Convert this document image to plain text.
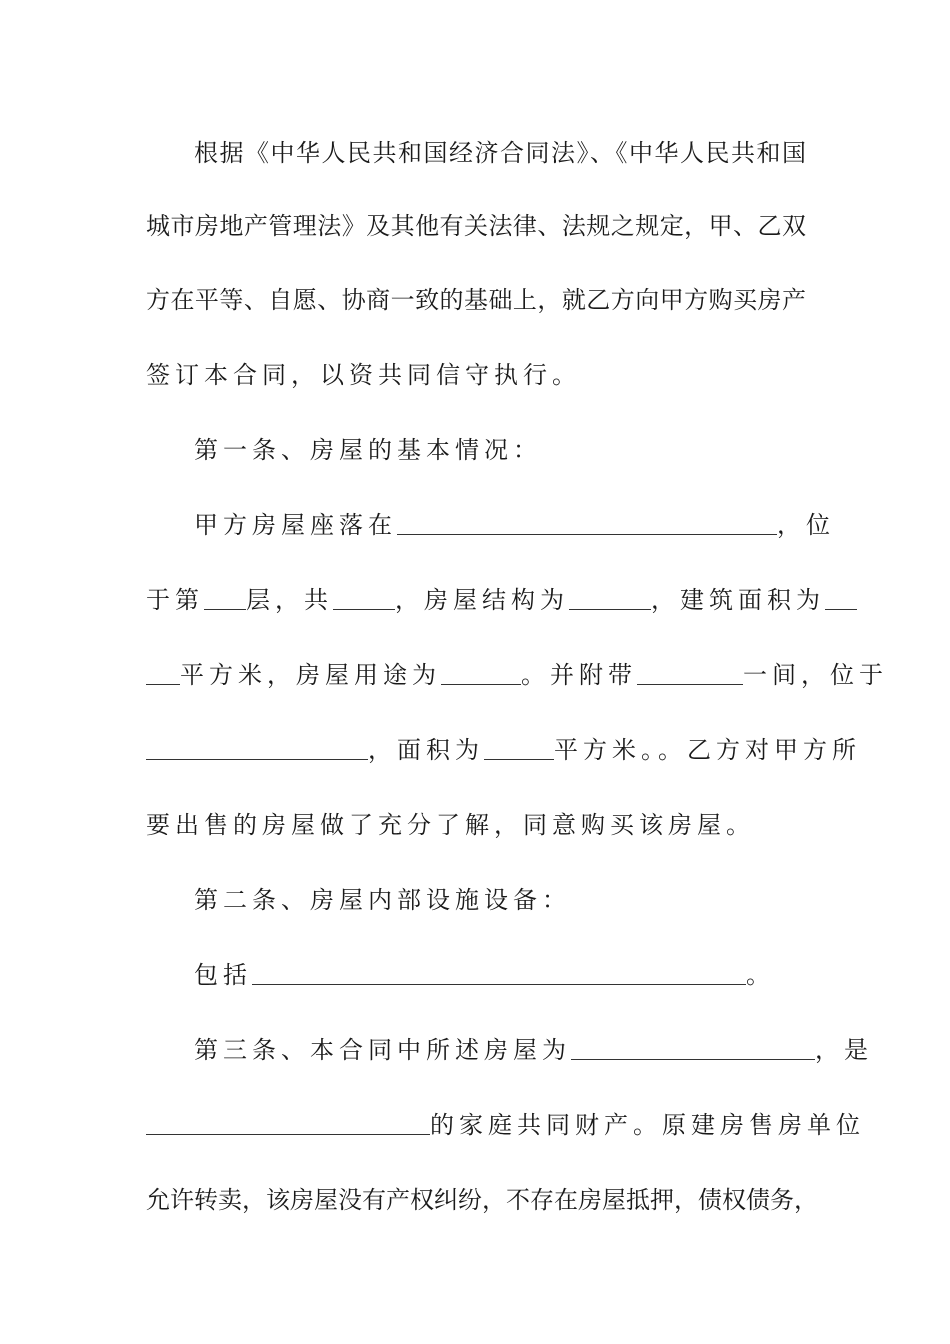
根据《中华人民共和国经济合同法》、《中华人民共和国
城市房地产管理法》及其他有关法律、法规之规定，甲、乙双
方在平等、自愿、协商一致的基础上，就乙方向甲方购买房产
签订本合同，以资共同信守执行。
第一条、房屋的基本情况：
甲方房屋座落在	，位
于第 层，共	，房屋结构为	，建筑面积为
平方米，房屋用途为	。并附带	一间，位于
，面积为	平方米。。乙方对甲方所
要出售的房屋做了充分了解，同意购买该房屋。
第二条、房屋内部设施设备：
包括	。
第三条、本合同中所述房屋为	，是
的家庭共同财产。原建房售房单位
允许转卖，该房屋没有产权纠纷，不存在房屋抵押，债权债务，
